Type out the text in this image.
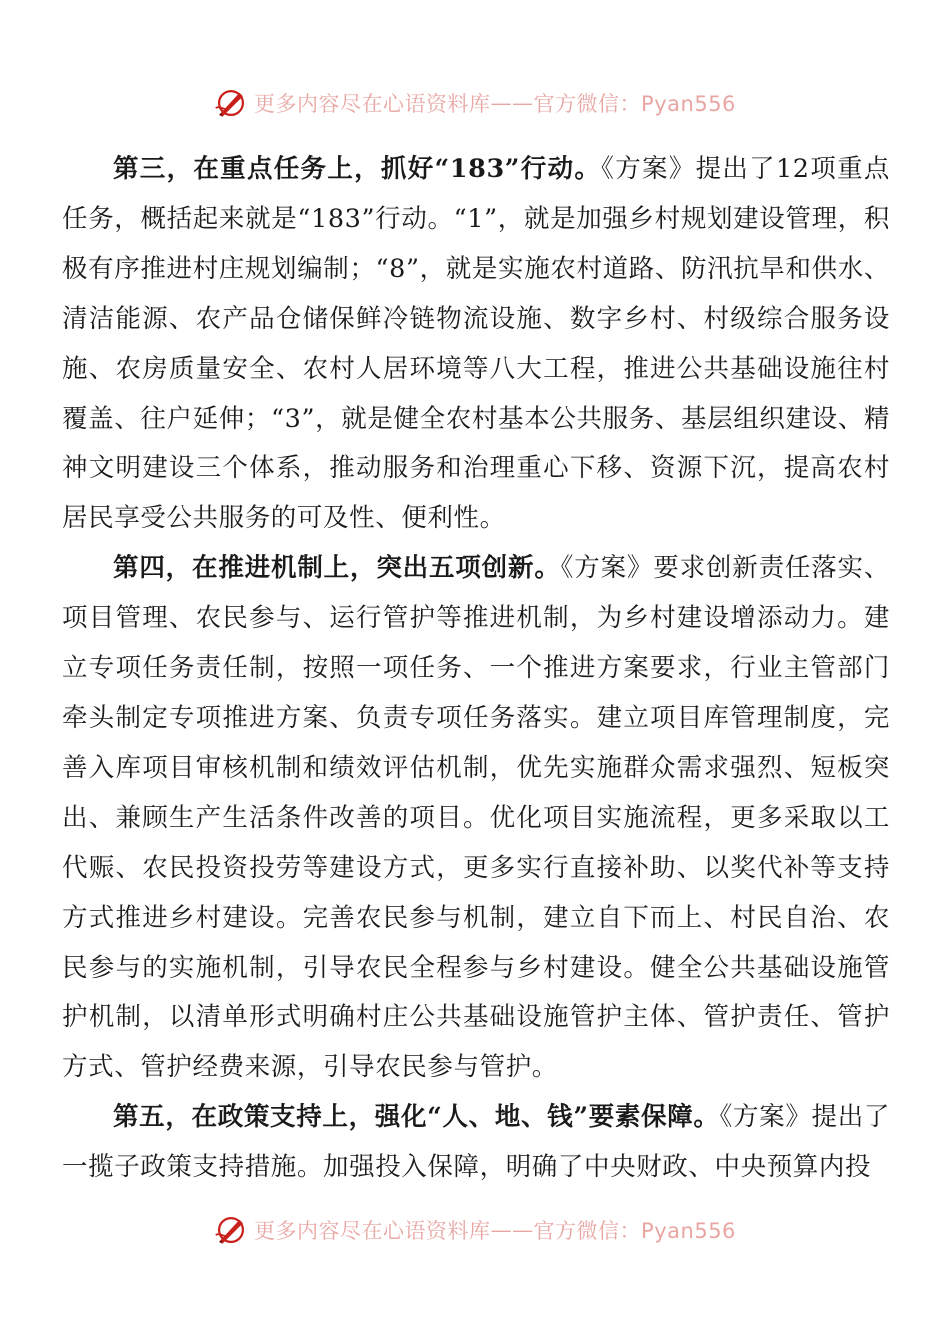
更多内容尽在心语资料库 —— 官方微信：Pyan556

第三，在重点任务上，抓好“183”行动。《方案》提出了12项重点任务，概括起来就是“183”行动。“1”，就是加强乡村规划建设管理，积极有序推进村庄规划编制；“8”，就是实施农村道路、防汛抗旱和供水、清洁能源、农产品仓储保鲜冷链物流设施、数字乡村、村级综合服务设施、农房质量安全、农村人居环境等八大工程，推进公共基础设施往村覆盖、往户延伸；“3”，就是健全农村基本公共服务、基层组织建设、精神文明建设三个体系，推动服务和治理重心下移、资源下沉，提高农村居民享受公共服务的可及性、便利性。

第四，在推进机制上，突出五项创新。《方案》要求创新责任落实、项目管理、农民参与、运行管护等推进机制，为乡村建设增添动力。建立专项任务责任制，按照一项任务、一个推进方案要求，行业主管部门牵头制定专项推进方案、负责专项任务落实。建立项目库管理制度，完善入库项目审核机制和绩效评估机制，优先实施群众需求强烈、短板突出、兼顾生产生活条件改善的项目。优化项目实施流程，更多采取以工代赈、农民投资投劳等建设方式，更多实行直接补助、以奖代补等支持方式推进乡村建设。完善农民参与机制，建立自下而上、村民自治、农民参与的实施机制，引导农民全程参与乡村建设。健全公共基础设施管护机制，以清单形式明确村庄公共基础设施管护主体、管护责任、管护方式、管护经费来源，引导农民参与管护。

第五，在政策支持上，强化“人、地、钱”要素保障。《方案》提出了一揽子政策支持措施。加强投入保障，明确了中央财政、中央预算内投

更多内容尽在心语资料库 —— 官方微信：Pyan556
